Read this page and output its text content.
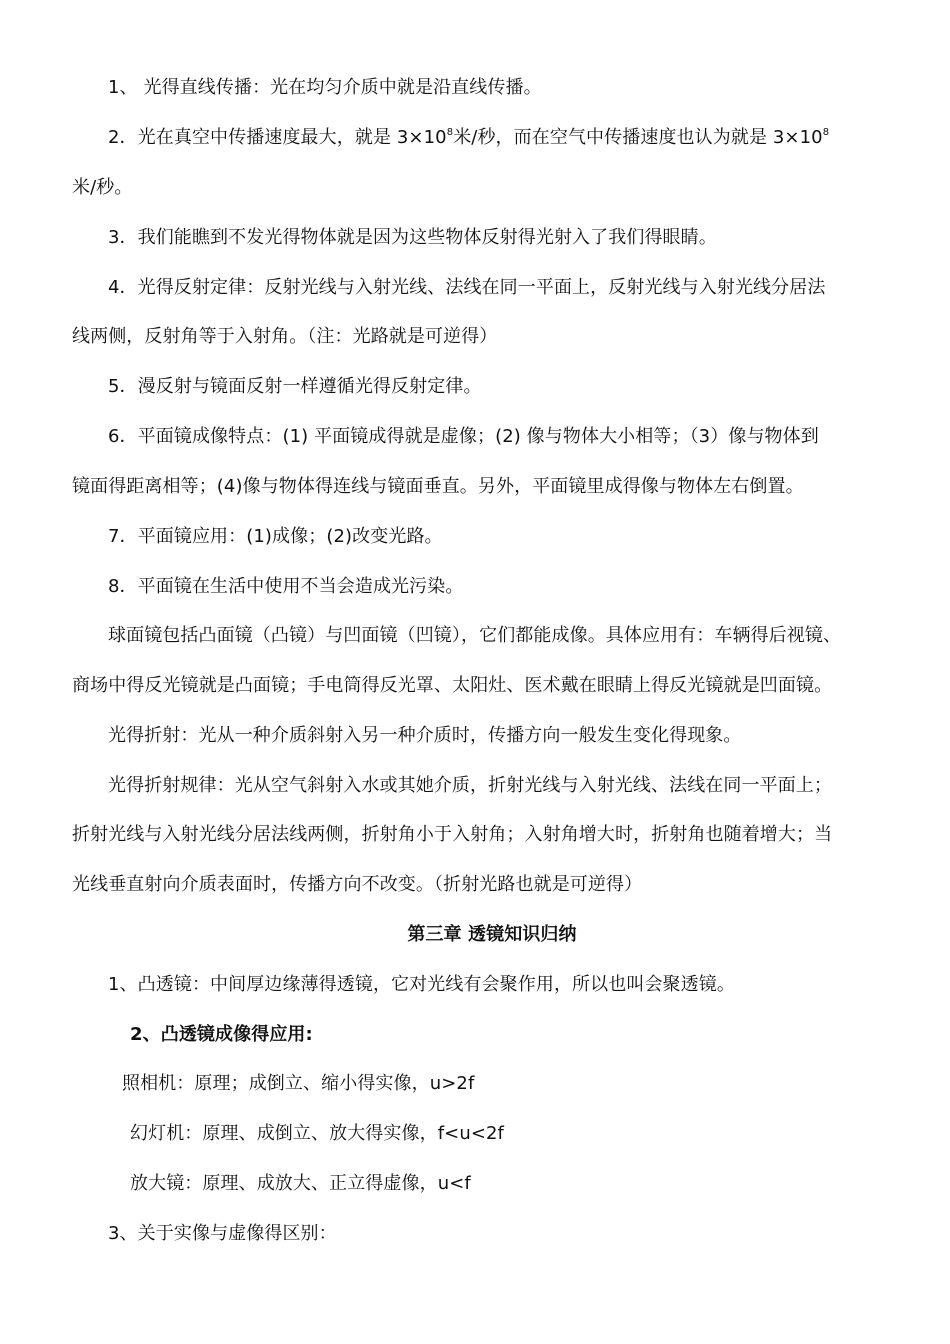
1、 光得直线传播：光在均匀介质中就是沿直线传播。
2．光在真空中传播速度最大，就是 $3\times 10^8$米/秒，而在空气中传播速度也认为就是 $3\times 10^8$
米/秒。
3．我们能瞧到不发光得物体就是因为这些物体反射得光射入了我们得眼睛。
4．光得反射定律：反射光线与入射光线、法线在同一平面上，反射光线与入射光线分居法
线两侧，反射角等于入射角。（注：光路就是可逆得）
5．漫反射与镜面反射一样遵循光得反射定律。
6．平面镜成像特点：(1) 平面镜成得就是虚像；(2) 像与物体大小相等；（3）像与物体到
镜面得距离相等；(4)像与物体得连线与镜面垂直。另外，平面镜里成得像与物体左右倒置。
7．平面镜应用：(1)成像；(2)改变光路。
8．平面镜在生活中使用不当会造成光污染。
球面镜包括凸面镜（凸镜）与凹面镜（凹镜），它们都能成像。具体应用有：车辆得后视镜、
商场中得反光镜就是凸面镜；手电筒得反光罩、太阳灶、医术戴在眼睛上得反光镜就是凹面镜。
光得折射：光从一种介质斜射入另一种介质时，传播方向一般发生变化得现象。
光得折射规律：光从空气斜射入水或其她介质，折射光线与入射光线、法线在同一平面上；
折射光线与入射光线分居法线两侧，折射角小于入射角；入射角增大时，折射角也随着增大；当
光线垂直射向介质表面时，传播方向不改变。（折射光路也就是可逆得）
第三章 透镜知识归纳
1、凸透镜：中间厚边缘薄得透镜，它对光线有会聚作用，所以也叫会聚透镜。
2、凸透镜成像得应用:
照相机：原理；成倒立、缩小得实像，u>2f
幻灯机：原理、成倒立、放大得实像，f<u<2f
放大镜：原理、成放大、正立得虚像，u<f
3、关于实像与虚像得区别：
